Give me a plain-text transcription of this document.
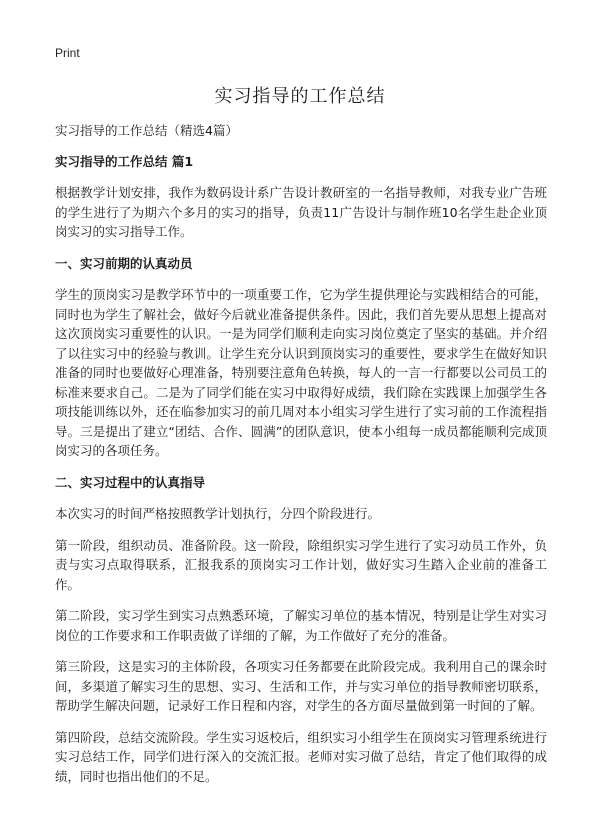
Print
实习指导的工作总结

实习指导的工作总结（精选4篇）

实习指导的工作总结 篇1

根据教学计划安排，我作为数码设计系广告设计教研室的一名指导教师，对我专业广告班的学生进行了为期六个多月的实习的指导，负责11广告设计与制作班10名学生赴企业顶岗实习的实习指导工作。

一、实习前期的认真动员

学生的顶岗实习是教学环节中的一项重要工作，它为学生提供理论与实践相结合的可能，同时也为学生了解社会，做好今后就业准备提供条件。因此，我们首先要从思想上提高对这次顶岗实习重要性的认识。一是为同学们顺利走向实习岗位奠定了坚实的基础。并介绍了以往实习中的经验与教训。让学生充分认识到顶岗实习的重要性，要求学生在做好知识准备的同时也要做好心理准备，特别要注意角色转换，每人的一言一行都要以公司员工的标准来要求自己。二是为了同学们能在实习中取得好成绩，我们除在实践课上加强学生各项技能训练以外，还在临参加实习的前几周对本小组实习学生进行了实习前的工作流程指导。三是提出了建立“团结、合作、圆满”的团队意识，使本小组每一成员都能顺利完成顶岗实习的各项任务。

二、实习过程中的认真指导

本次实习的时间严格按照教学计划执行，分四个阶段进行。

第一阶段，组织动员、准备阶段。这一阶段，除组织实习学生进行了实习动员工作外，负责与实习点取得联系，汇报我系的顶岗实习工作计划，做好实习生踏入企业前的准备工作。

第二阶段，实习学生到实习点熟悉环境，了解实习单位的基本情况，特别是让学生对实习岗位的工作要求和工作职责做了详细的了解，为工作做好了充分的准备。

第三阶段，这是实习的主体阶段，各项实习任务都要在此阶段完成。我利用自己的课余时间，多渠道了解实习生的思想、实习、生活和工作，并与实习单位的指导教师密切联系，帮助学生解决问题，记录好工作日程和内容，对学生的各方面尽量做到第一时间的了解。

第四阶段，总结交流阶段。学生实习返校后，组织实习小组学生在顶岗实习管理系统进行实习总结工作，同学们进行深入的交流汇报。老师对实习做了总结，肯定了他们取得的成绩，同时也指出他们的不足。
